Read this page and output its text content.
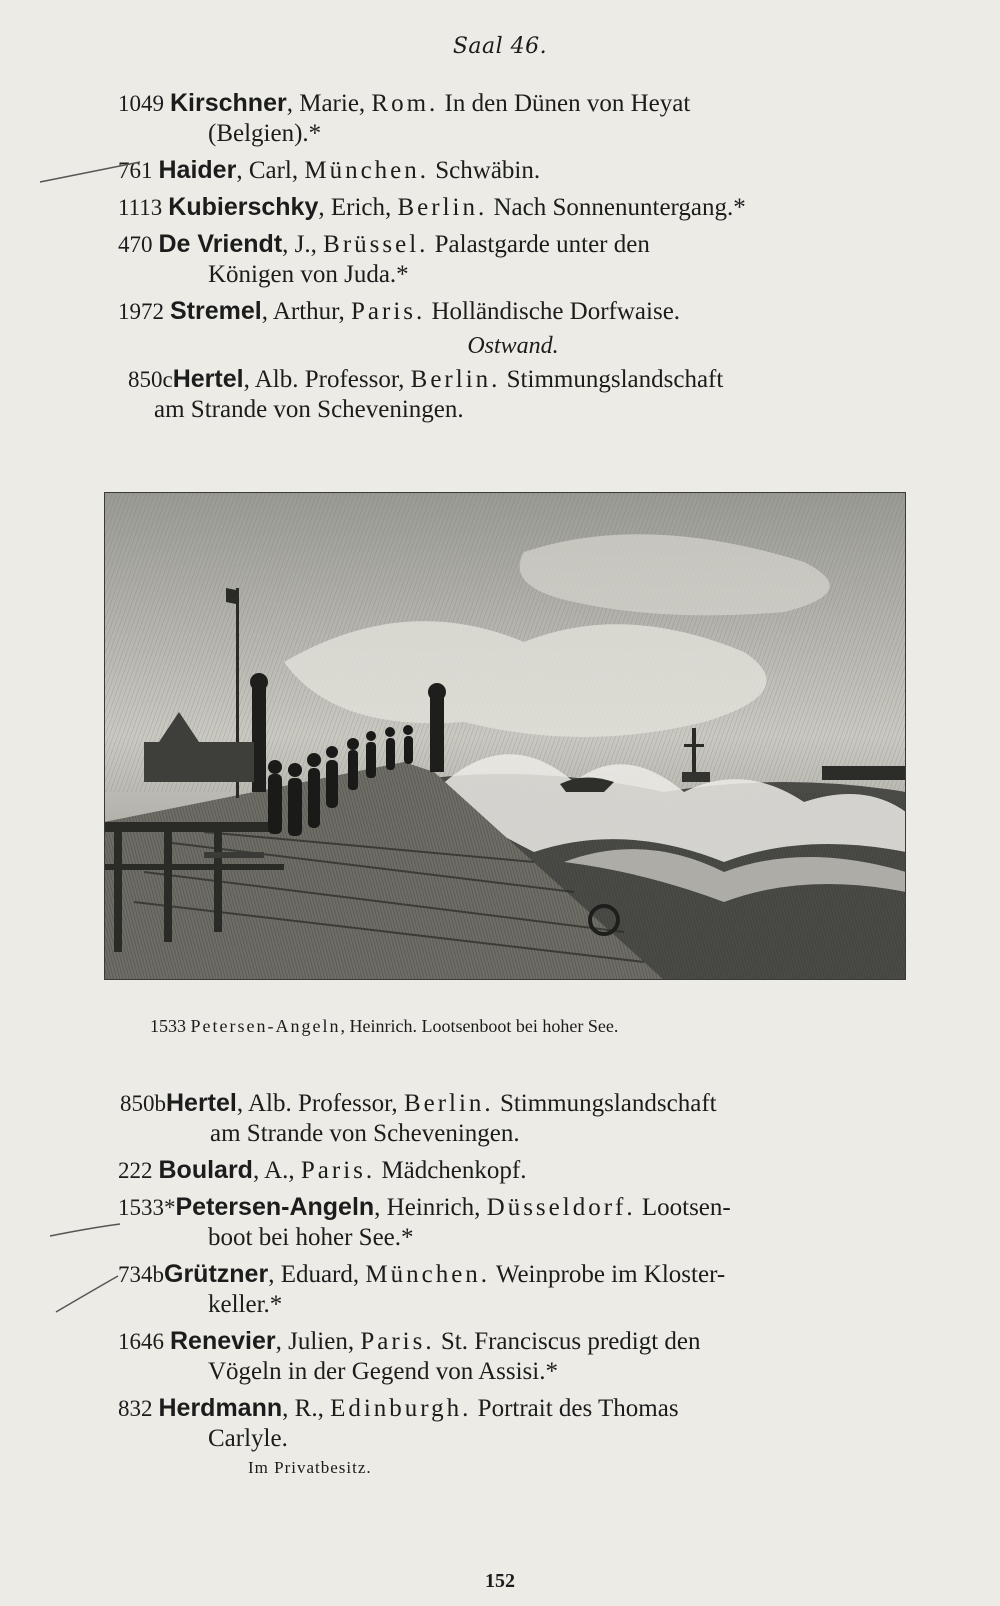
Saal 46.
1049 Kirschner, Marie, Rom. In den Dünen von Heyat
(Belgien).*
761 Haider, Carl, München. Schwäbin.
1113 Kubierschky, Erich, Berlin. Nach Sonnenuntergang.*
470 De Vriendt, J., Brüssel. Palastgarde unter den
Königen von Juda.*
1972 Stremel, Arthur, Paris. Holländische Dorfwaise.
Ostwand.
850cHertel, Alb. Professor, Berlin. Stimmungslandschaft
am Strande von Scheveningen.
1533 Petersen-Angeln, Heinrich. Lootsenboot bei hoher See.
850bHertel, Alb. Professor, Berlin. Stimmungslandschaft
am Strande von Scheveningen.
222 Boulard, A., Paris. Mädchenkopf.
1533*Petersen-Angeln, Heinrich, Düsseldorf. Lootsen-
boot bei hoher See.*
734bGrützner, Eduard, München. Weinprobe im Kloster-
keller.*
1646 Renevier, Julien, Paris. St. Franciscus predigt den
Vögeln in der Gegend von Assisi.*
832 Herdmann, R., Edinburgh. Portrait des Thomas
Carlyle.
Im Privatbesitz.
152
